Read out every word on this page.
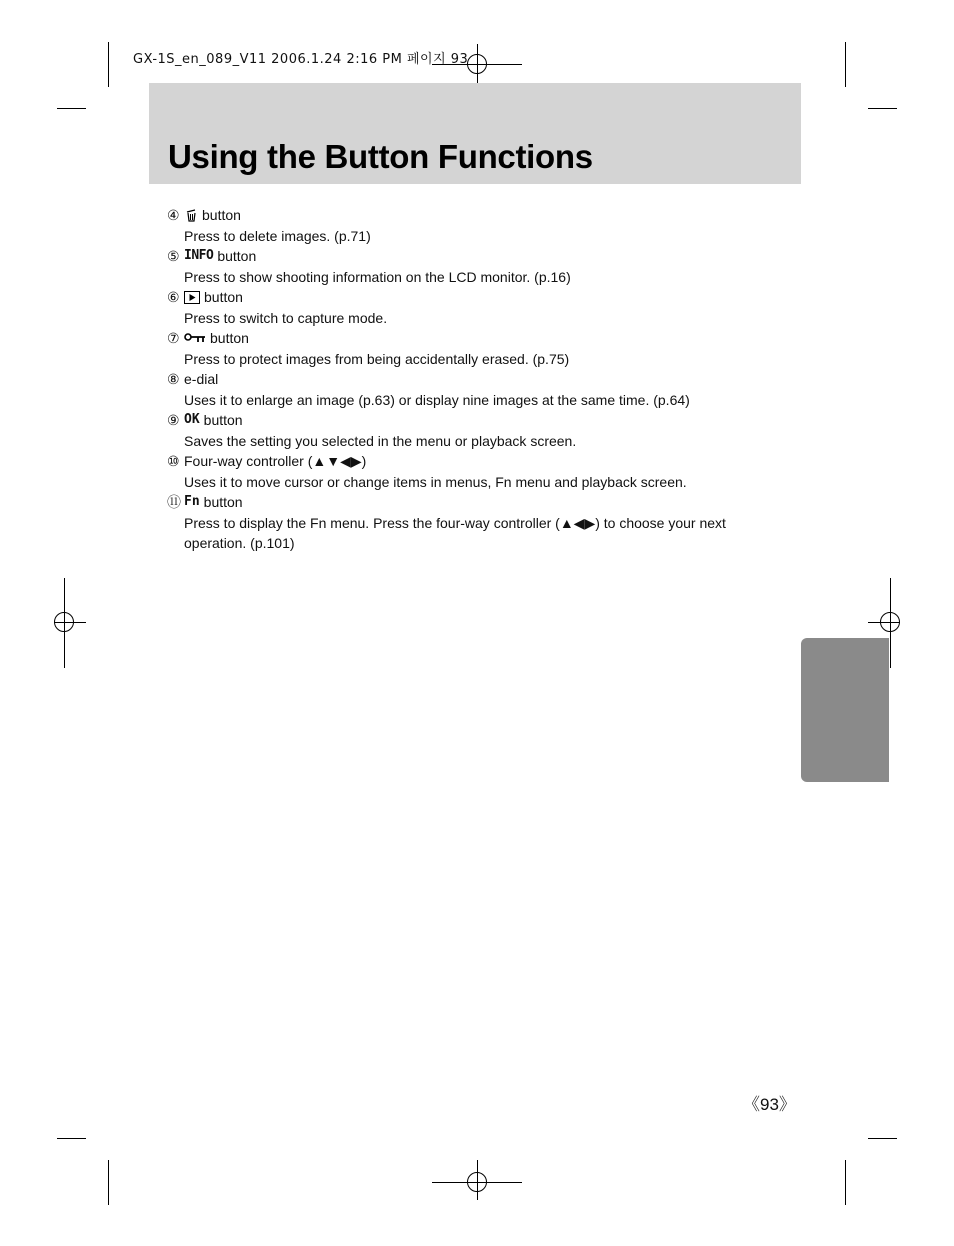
GX-1S_en_089_V11 2006.1.24 2:16 PM 페이지 93
Using the Button Functions
④	button
Press to delete images. (p.71)
⑤ INFO button
Press to show shooting information on the LCD monitor. (p.16)
⑥	button
Press to switch to capture mode.
⑦	button
Press to protect images from being accidentally erased. (p.75)
⑧ e-dial
Uses it to enlarge an image (p.63) or display nine images at the same time. (p.64)
⑨ OK button
Saves the setting you selected in the menu or playback screen.
⑩ Four-way controller (▲▼◀▶)
Uses it to move cursor or change items in menus, Fn menu and playback screen.
⑪ Fn button
Press to display the Fn menu. Press the four-way controller (▲◀▶) to choose your next operation. (p.101)
《93》
